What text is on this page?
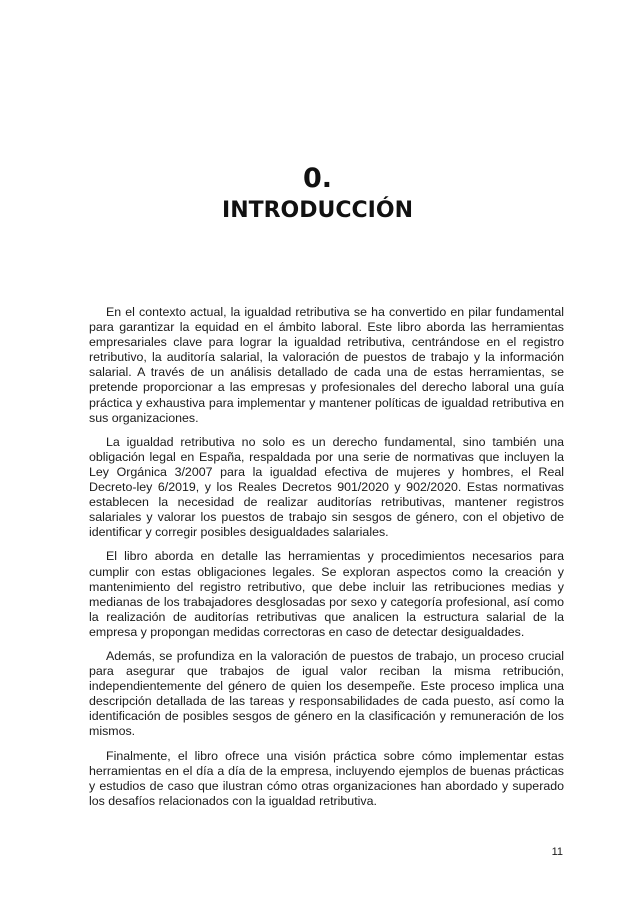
0.
INTRODUCCIÓN

En el contexto actual, la igualdad retributiva se ha convertido en pilar fundamental para garantizar la equidad en el ámbito laboral. Este libro aborda las herramientas empresariales clave para lograr la igualdad retributiva, centrándose en el registro retributivo, la auditoría salarial, la valoración de puestos de trabajo y la información salarial. A través de un análisis detallado de cada una de estas herramientas, se pretende proporcionar a las empresas y profesionales del derecho laboral una guía práctica y exhaustiva para implementar y mantener políticas de igualdad retributiva en sus organizaciones.

La igualdad retributiva no solo es un derecho fundamental, sino también una obligación legal en España, respaldada por una serie de normativas que incluyen la Ley Orgánica 3/2007 para la igualdad efectiva de mujeres y hombres, el Real Decreto-ley 6/2019, y los Reales Decretos 901/2020 y 902/2020. Estas normativas establecen la necesidad de realizar auditorías retributivas, mantener registros salariales y valorar los puestos de trabajo sin sesgos de género, con el objetivo de identificar y corregir posibles desigualdades salariales.

El libro aborda en detalle las herramientas y procedimientos necesarios para cumplir con estas obligaciones legales. Se exploran aspectos como la creación y mantenimiento del registro retributivo, que debe incluir las retribuciones medias y medianas de los trabajadores desglosadas por sexo y categoría profesional, así como la realización de auditorías retributivas que analicen la estructura salarial de la empresa y propongan medidas correctoras en caso de detectar desigualdades.

Además, se profundiza en la valoración de puestos de trabajo, un proceso crucial para asegurar que trabajos de igual valor reciban la misma retribución, independientemente del género de quien los desempeñe. Este proceso implica una descripción detallada de las tareas y responsabilidades de cada puesto, así como la identificación de posibles sesgos de género en la clasificación y remuneración de los mismos.

Finalmente, el libro ofrece una visión práctica sobre cómo implementar estas herramientas en el día a día de la empresa, incluyendo ejemplos de buenas prácticas y estudios de caso que ilustran cómo otras organizaciones han abordado y superado los desafíos relacionados con la igualdad retributiva.

11
